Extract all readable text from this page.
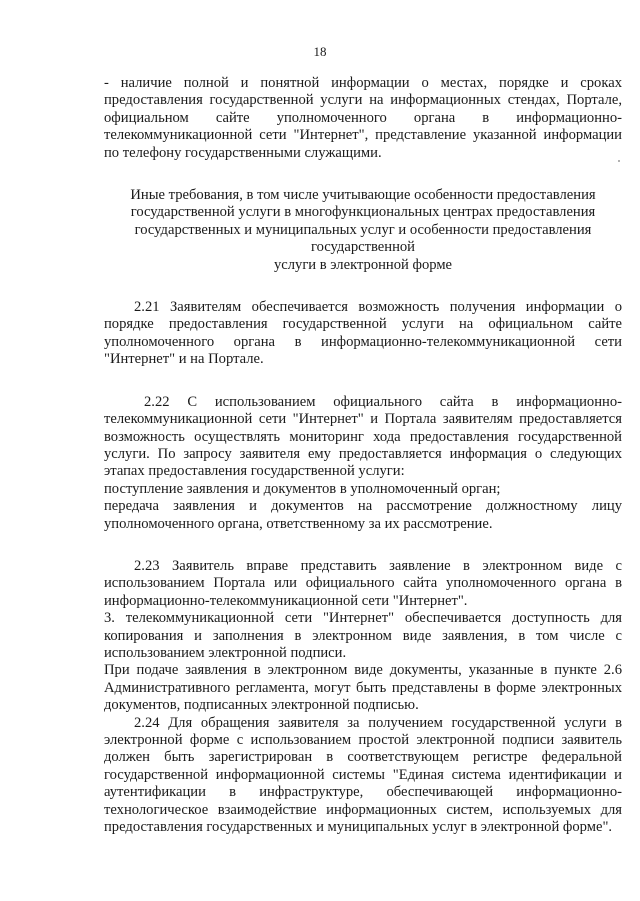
18

- наличие полной и понятной информации о местах, порядке и сроках предоставления государственной услуги на информационных стендах, Портале, официальном сайте уполномоченного органа в информационно-телекоммуникационной сети "Интернет", представление указанной информации по телефону государственными служащими.

Иные требования, в том числе учитывающие особенности предоставления государственной услуги в многофункциональных центрах предоставления государственных и муниципальных услуг и особенности предоставления государственной
услуги в электронной форме

2.21 Заявителям обеспечивается возможность получения информации о порядке предоставления государственной услуги на официальном сайте уполномоченного органа в информационно-телекоммуникационной сети "Интернет" и на Портале.

2.22 С использованием официального сайта в информационно-телекоммуникационной сети "Интернет" и Портала заявителям предоставляется возможность осуществлять мониторинг хода предоставления государственной услуги. По запросу заявителя ему предоставляется информация о следующих этапах предоставления государственной услуги:

поступление заявления и документов в уполномоченный орган;

передача заявления и документов на рассмотрение должностному лицу уполномоченного органа, ответственному за их рассмотрение.

2.23 Заявитель вправе представить заявление в электронном виде с использованием Портала или официального сайта уполномоченного органа в информационно-телекоммуникационной сети "Интернет".

3. телекоммуникационной сети "Интернет" обеспечивается доступность для копирования и заполнения в электронном виде заявления, в том числе с использованием электронной подписи.

При подаче заявления в электронном виде документы, указанные в пункте 2.6 Административного регламента, могут быть представлены в форме электронных документов, подписанных электронной подписью.

2.24 Для обращения заявителя за получением государственной услуги в электронной форме с использованием простой электронной подписи заявитель должен быть зарегистрирован в соответствующем регистре федеральной государственной информационной системы "Единая система идентификации и аутентификации в инфраструктуре, обеспечивающей информационно-технологическое взаимодействие информационных систем, используемых для предоставления государственных и муниципальных услуг в электронной форме".
